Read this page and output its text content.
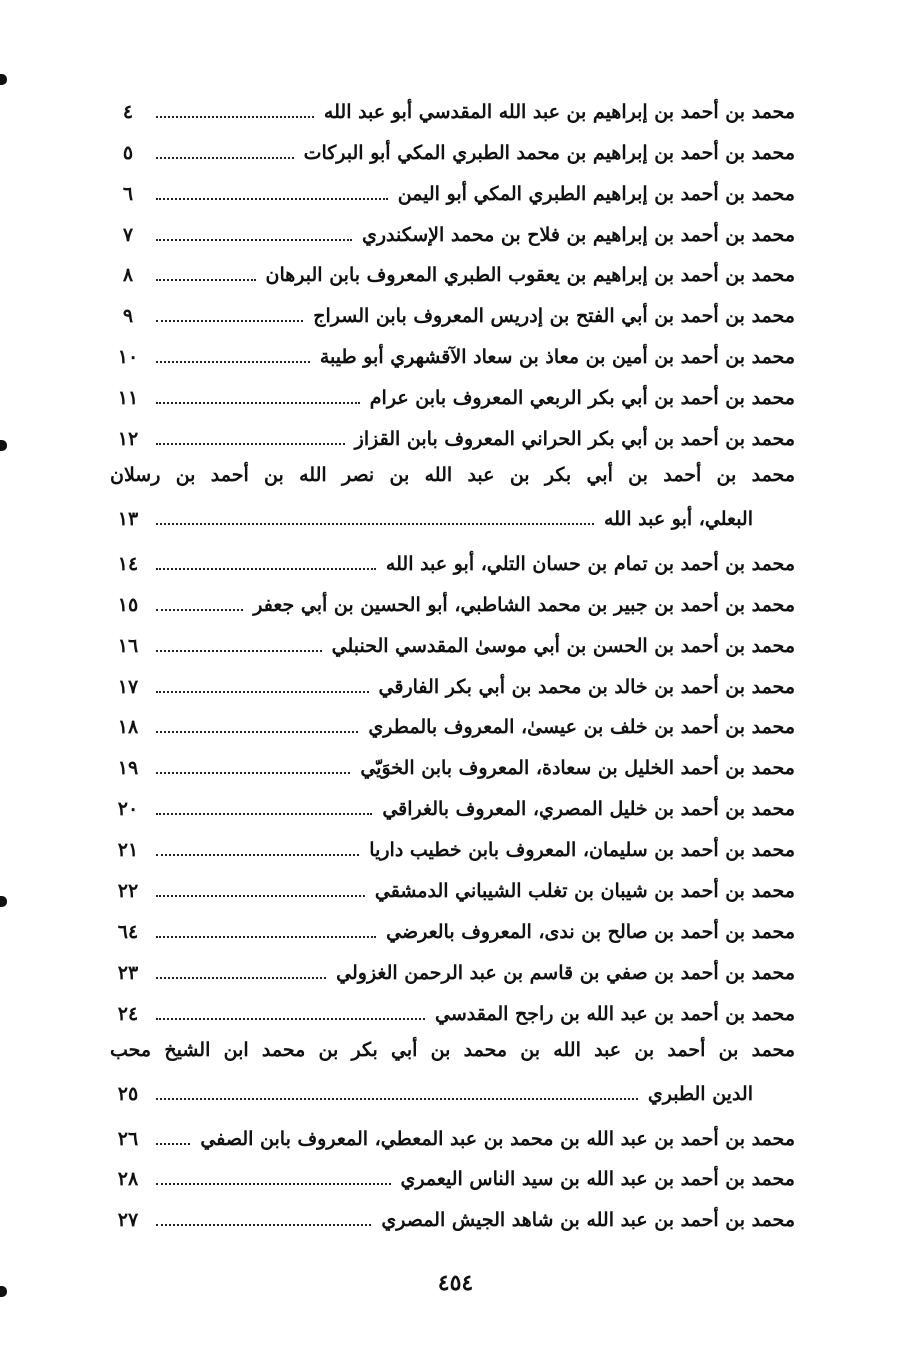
محمد بن أحمد بن إبراهيم بن عبد الله المقدسي أبو عبد الله
٤
محمد بن أحمد بن إبراهيم بن محمد الطبري المكي أبو البركات
٥
محمد بن أحمد بن إبراهيم الطبري المكي أبو اليمن
٦
محمد بن أحمد بن إبراهيم بن فلاح بن محمد الإسكندري
٧
محمد بن أحمد بن إبراهيم بن يعقوب الطبري المعروف بابن البرهان
٨
محمد بن أحمد بن أبي الفتح بن إدريس المعروف بابن السراج
٩
محمد بن أحمد بن أمين بن معاذ بن سعاد الآقشهري أبو طيبة
١٠
محمد بن أحمد بن أبي بكر الربعي المعروف بابن عرام
١١
محمد بن أحمد بن أبي بكر الحراني المعروف بابن القزاز
١٢
محمد بن أحمد بن أبي بكر بن عبد الله بن نصر الله بن أحمد بن رسلان
البعلي، أبو عبد الله
١٣
محمد بن أحمد بن تمام بن حسان التلي، أبو عبد الله
١٤
محمد بن أحمد بن جبير بن محمد الشاطبي، أبو الحسين بن أبي جعفر
١٥
محمد بن أحمد بن الحسن بن أبي موسىٰ المقدسي الحنبلي
١٦
محمد بن أحمد بن خالد بن محمد بن أبي بكر الفارقي
١٧
محمد بن أحمد بن خلف بن عيسىٰ، المعروف بالمطري
١٨
محمد بن أحمد الخليل بن سعادة، المعروف بابن الخوَيّي
١٩
محمد بن أحمد بن خليل المصري، المعروف بالغراقي
٢٠
محمد بن أحمد بن سليمان، المعروف بابن خطيب داريا
٢١
محمد بن أحمد بن شيبان بن تغلب الشيباني الدمشقي
٢٢
محمد بن أحمد بن صالح بن ندى، المعروف بالعرضي
٦٤
محمد بن أحمد بن صفي بن قاسم بن عبد الرحمن الغزولي
٢٣
محمد بن أحمد بن عبد الله بن راجح المقدسي
٢٤
محمد بن أحمد بن عبد الله بن محمد بن أبي بكر بن محمد ابن الشيخ محب
الدين الطبري
٢٥
محمد بن أحمد بن عبد الله بن محمد بن عبد المعطي، المعروف بابن الصفي
٢٦
محمد بن أحمد بن عبد الله بن سيد الناس اليعمري
٢٨
محمد بن أحمد بن عبد الله بن شاهد الجيش المصري
٢٧
٤٥٤
